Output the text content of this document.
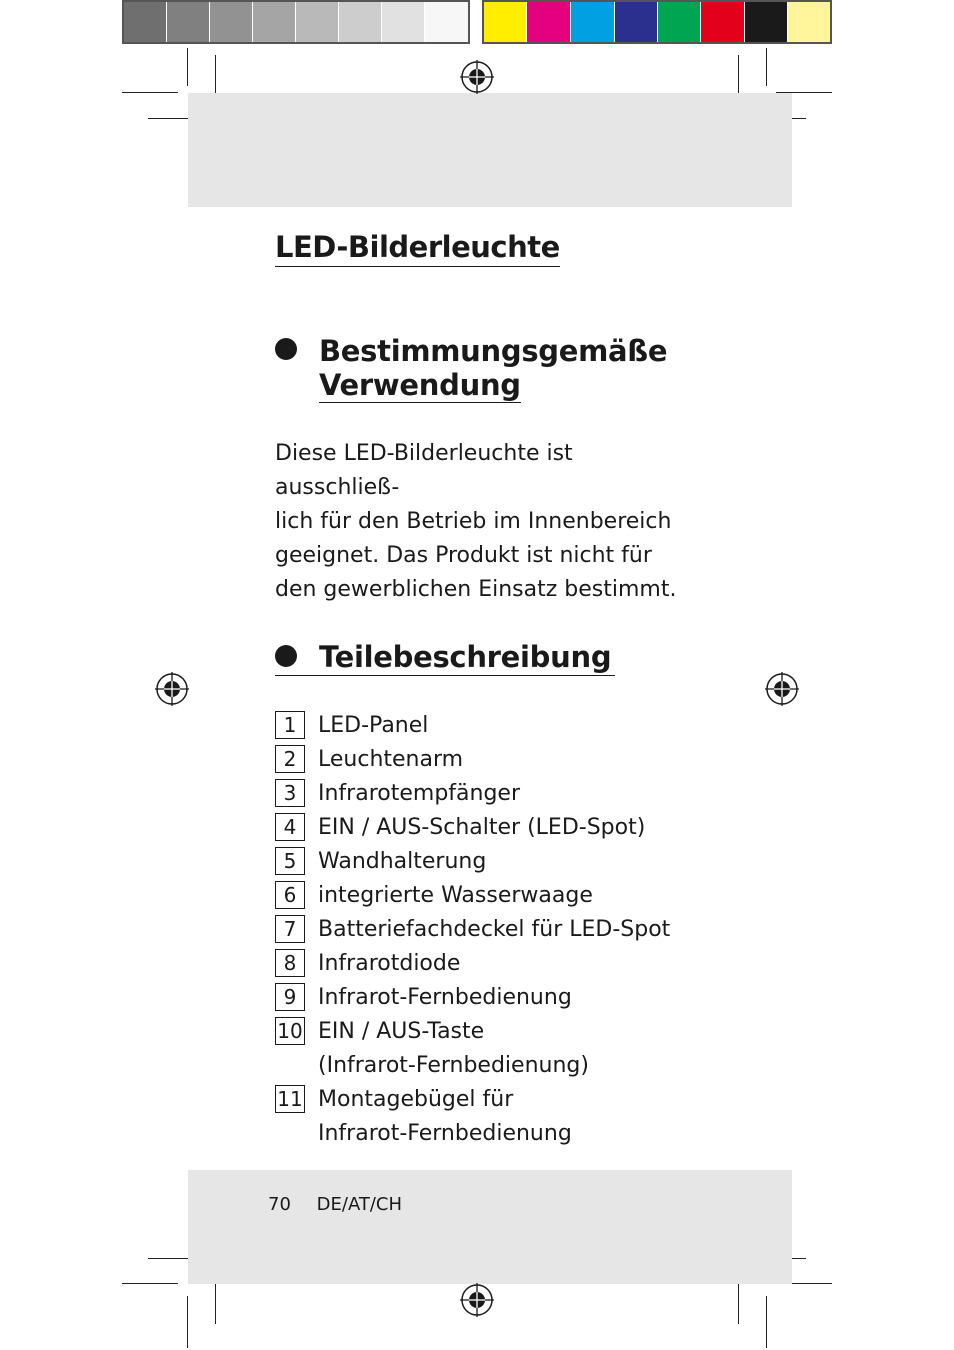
LED-Bilderleuchte
Bestimmungsgemäße
Verwendung

Diese LED-Bilderleuchte ist ausschließ-
lich für den Betrieb im Innenbereich
geeignet. Das Produkt ist nicht für
den gewerblichen Einsatz bestimmt.

Teilebeschreibung
1 LED-Panel
2 Leuchtenarm
3 Infrarotempfänger
4 EIN / AUS-Schalter (LED-Spot)
5 Wandhalterung
6 integrierte Wasserwaage
7 Batteriefachdeckel für LED-Spot
8 Infrarotdiode
9 Infrarot-Fernbedienung
10 EIN / AUS-Taste
(Infrarot-Fernbedienung)
11 Montagebügel für
Infrarot-Fernbedienung
70 DE/AT/CH
